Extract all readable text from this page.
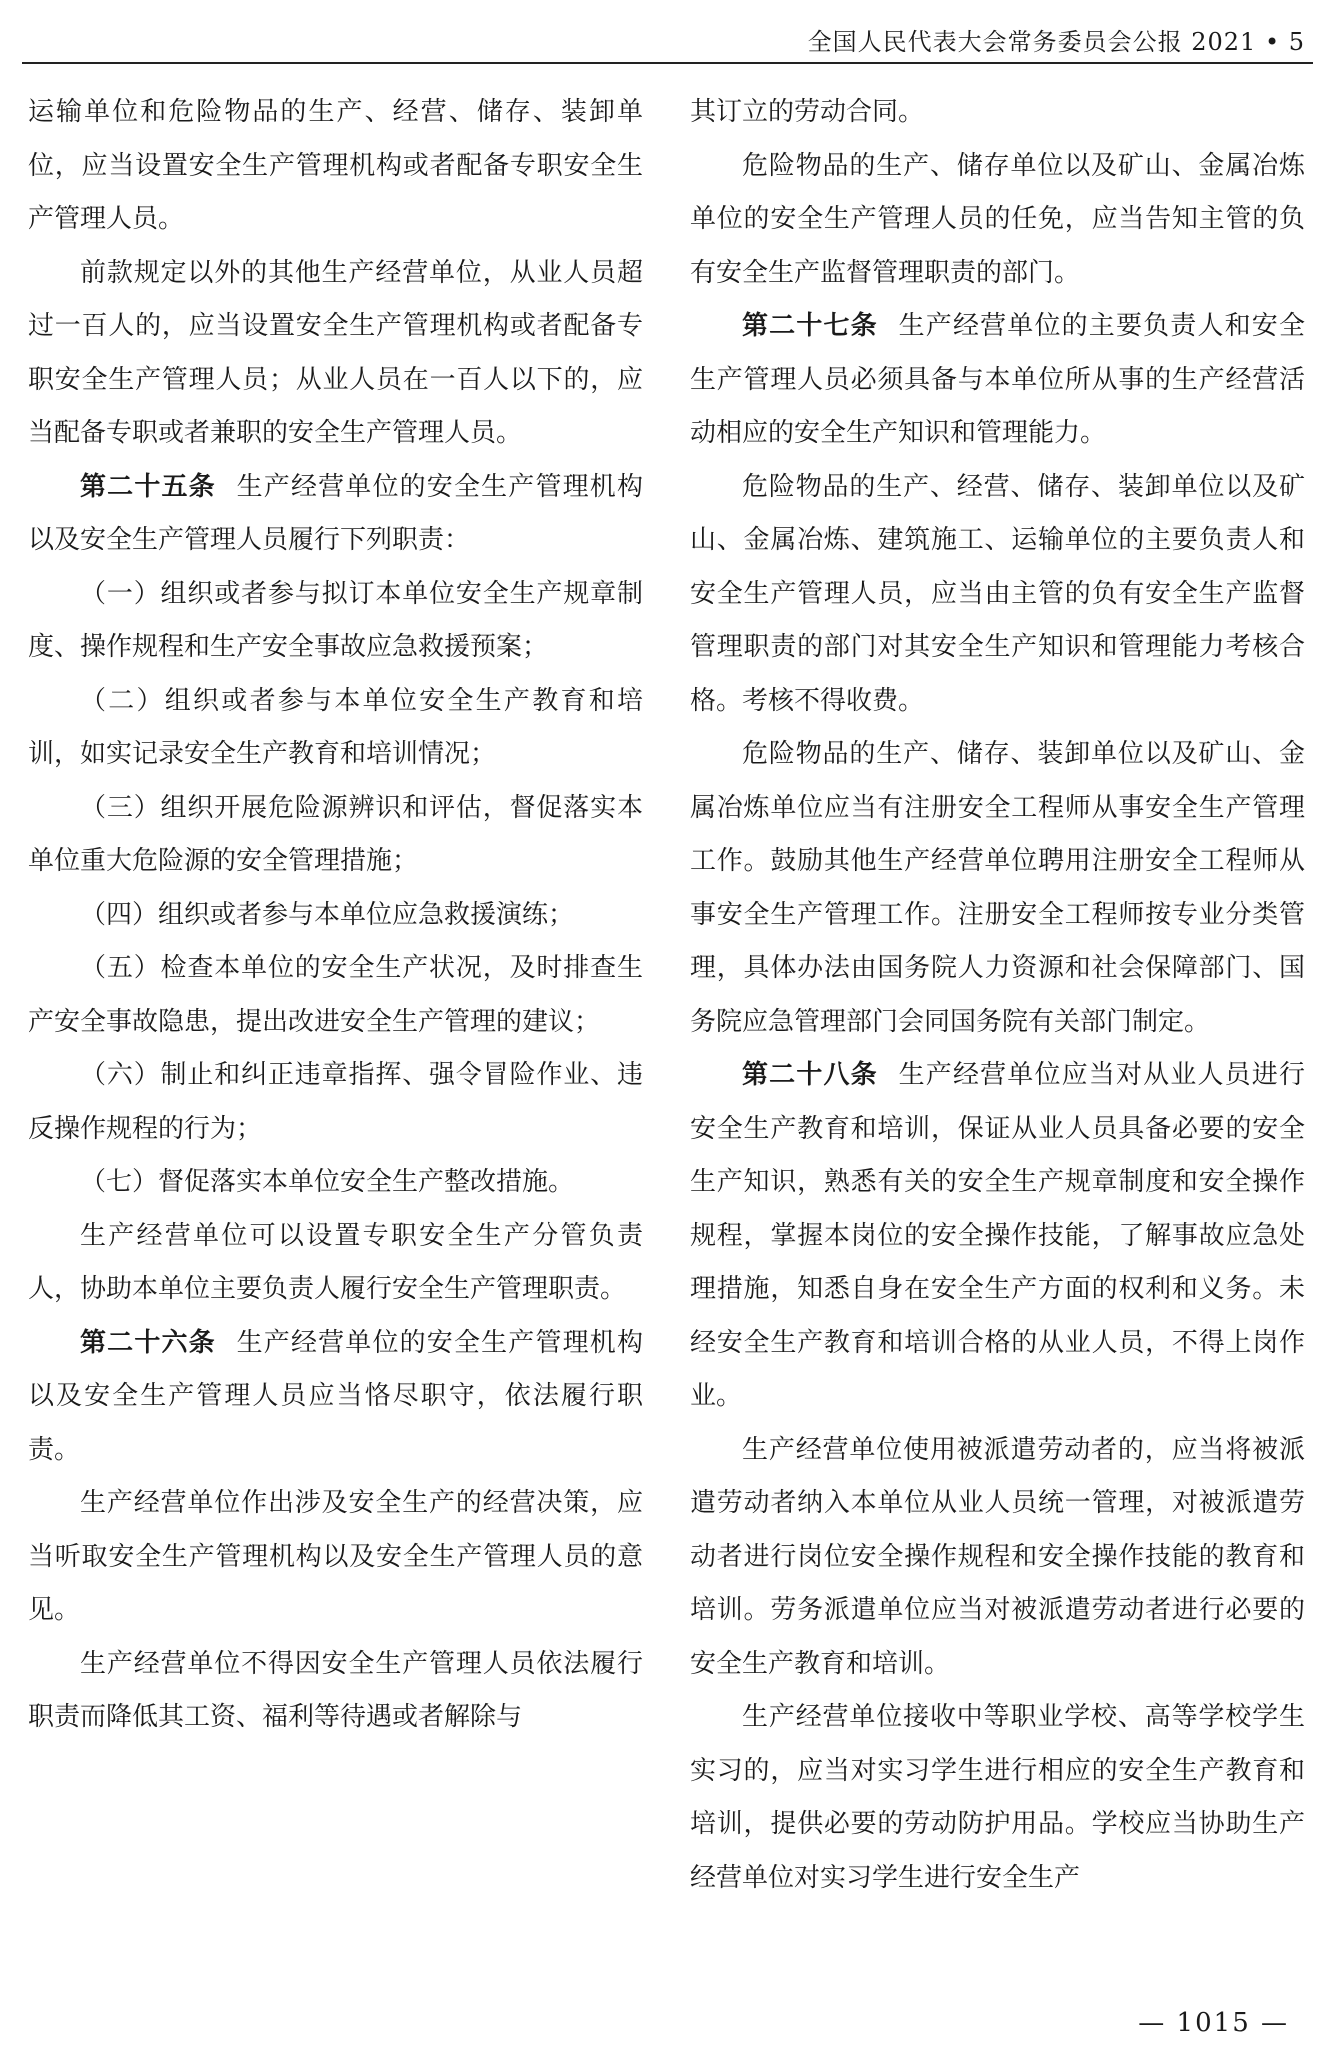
全国人民代表大会常务委员会公报 2021 • 5

运输单位和危险物品的生产、经营、储存、装卸单位，应当设置安全生产管理机构或者配备专职安全生产管理人员。

前款规定以外的其他生产经营单位，从业人员超过一百人的，应当设置安全生产管理机构或者配备专职安全生产管理人员；从业人员在一百人以下的，应当配备专职或者兼职的安全生产管理人员。

第二十五条 生产经营单位的安全生产管理机构以及安全生产管理人员履行下列职责：

（一）组织或者参与拟订本单位安全生产规章制度、操作规程和生产安全事故应急救援预案；

（二）组织或者参与本单位安全生产教育和培训，如实记录安全生产教育和培训情况；

（三）组织开展危险源辨识和评估，督促落实本单位重大危险源的安全管理措施；

（四）组织或者参与本单位应急救援演练；

（五）检查本单位的安全生产状况，及时排查生产安全事故隐患，提出改进安全生产管理的建议；

（六）制止和纠正违章指挥、强令冒险作业、违反操作规程的行为；

（七）督促落实本单位安全生产整改措施。

生产经营单位可以设置专职安全生产分管负责人，协助本单位主要负责人履行安全生产管理职责。

第二十六条 生产经营单位的安全生产管理机构以及安全生产管理人员应当恪尽职守，依法履行职责。

生产经营单位作出涉及安全生产的经营决策，应当听取安全生产管理机构以及安全生产管理人员的意见。

生产经营单位不得因安全生产管理人员依法履行职责而降低其工资、福利等待遇或者解除与

其订立的劳动合同。

危险物品的生产、储存单位以及矿山、金属冶炼单位的安全生产管理人员的任免，应当告知主管的负有安全生产监督管理职责的部门。

第二十七条 生产经营单位的主要负责人和安全生产管理人员必须具备与本单位所从事的生产经营活动相应的安全生产知识和管理能力。

危险物品的生产、经营、储存、装卸单位以及矿山、金属冶炼、建筑施工、运输单位的主要负责人和安全生产管理人员，应当由主管的负有安全生产监督管理职责的部门对其安全生产知识和管理能力考核合格。考核不得收费。

危险物品的生产、储存、装卸单位以及矿山、金属冶炼单位应当有注册安全工程师从事安全生产管理工作。鼓励其他生产经营单位聘用注册安全工程师从事安全生产管理工作。注册安全工程师按专业分类管理，具体办法由国务院人力资源和社会保障部门、国务院应急管理部门会同国务院有关部门制定。

第二十八条 生产经营单位应当对从业人员进行安全生产教育和培训，保证从业人员具备必要的安全生产知识，熟悉有关的安全生产规章制度和安全操作规程，掌握本岗位的安全操作技能，了解事故应急处理措施，知悉自身在安全生产方面的权利和义务。未经安全生产教育和培训合格的从业人员，不得上岗作业。

生产经营单位使用被派遣劳动者的，应当将被派遣劳动者纳入本单位从业人员统一管理，对被派遣劳动者进行岗位安全操作规程和安全操作技能的教育和培训。劳务派遣单位应当对被派遣劳动者进行必要的安全生产教育和培训。

生产经营单位接收中等职业学校、高等学校学生实习的，应当对实习学生进行相应的安全生产教育和培训，提供必要的劳动防护用品。学校应当协助生产经营单位对实习学生进行安全生产

— 1015 —
